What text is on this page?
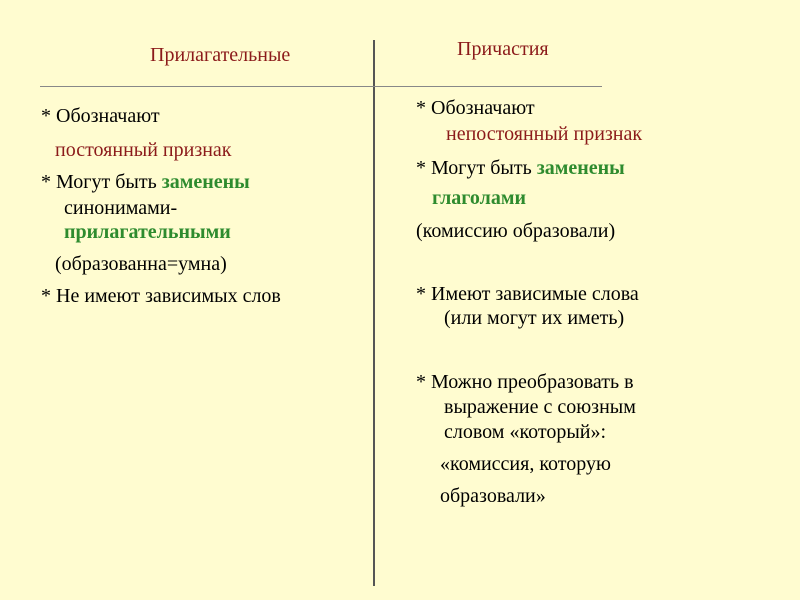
Прилагательные
* Обозначают
постоянный признак
* Могут быть заменены
синонимами-
прилагательными
(образованна=умна)
* Не имеют зависимых слов
Причастия
* Обозначают
непостоянный признак
* Могут быть заменены
глаголами
(комиссию образовали)
* Имеют зависимые слова
(или могут их иметь)
* Можно преобразовать в
выражение с союзным
словом «который»:
«комиссия, которую
образовали»
